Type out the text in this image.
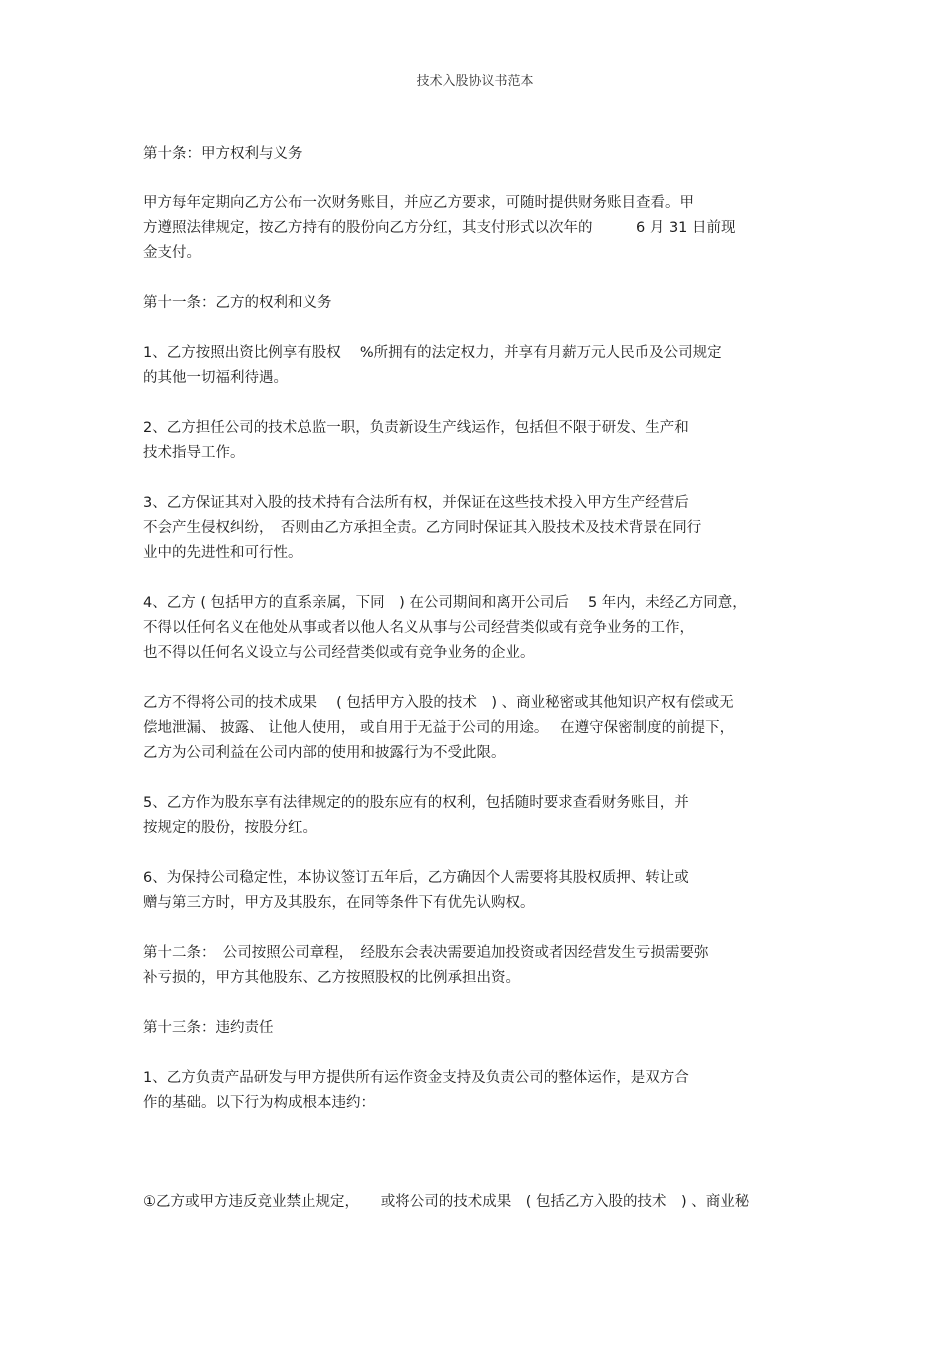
技术入股协议书范本
第十条：甲方权利与义务
甲方每年定期向乙方公布一次财务账目，并应乙方要求，可随时提供财务账目查看。甲
方遵照法律规定，按乙方持有的股份向乙方分红，其支付形式以次年的　　　6 月 31 日前现
金支付。
第十一条：乙方的权利和义务
1、乙方按照出资比例享有股权　 %所拥有的法定权力，并享有月薪万元人民币及公司规定
的其他一切福利待遇。
2、乙方担任公司的技术总监一职，负责新设生产线运作，包括但不限于研发、生产和
技术指导工作。
3、乙方保证其对入股的技术持有合法所有权，并保证在这些技术投入甲方生产经营后
不会产生侵权纠纷，　否则由乙方承担全责。乙方同时保证其入股技术及技术背景在同行
业中的先进性和可行性。
4、乙方 ( 包括甲方的直系亲属，下同　) 在公司期间和离开公司后　 5 年内，未经乙方同意，
不得以任何名义在他处从事或者以他人名义从事与公司经营类似或有竞争业务的工作，
也不得以任何名义设立与公司经营类似或有竞争业务的企业。
乙方不得将公司的技术成果　 ( 包括甲方入股的技术　) 、商业秘密或其他知识产权有偿或无
偿地泄漏、 披露、 让他人使用， 或自用于无益于公司的用途。　 在遵守保密制度的前提下，
乙方为公司利益在公司内部的使用和披露行为不受此限。
5、乙方作为股东享有法律规定的的股东应有的权利，包括随时要求查看财务账目，并
按规定的股份，按股分红。
6、为保持公司稳定性，本协议签订五年后，乙方确因个人需要将其股权质押、转让或
赠与第三方时，甲方及其股东，在同等条件下有优先认购权。
第十二条：　公司按照公司章程，　经股东会表决需要追加投资或者因经营发生亏损需要弥
补亏损的，甲方其他股东、乙方按照股权的比例承担出资。
第十三条：违约责任
1、乙方负责产品研发与甲方提供所有运作资金支持及负责公司的整体运作，是双方合
作的基础。以下行为构成根本违约：
①乙方或甲方违反竞业禁止规定，　　或将公司的技术成果　( 包括乙方入股的技术　) 、商业秘
